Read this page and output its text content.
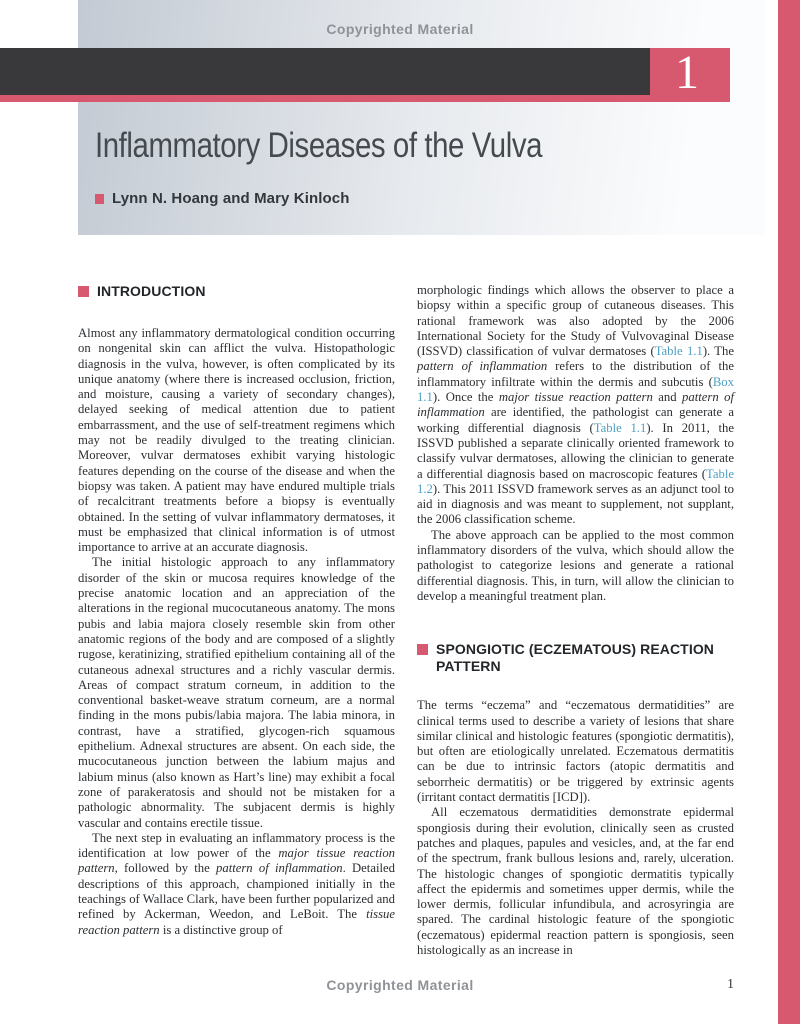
Copyrighted Material
1
Inflammatory Diseases of the Vulva
Lynn N. Hoang and Mary Kinloch
INTRODUCTION

Almost any inflammatory dermatological condition occurring on nongenital skin can afflict the vulva. Histopathologic diagnosis in the vulva, however, is often complicated by its unique anatomy (where there is increased occlusion, friction, and moisture, causing a variety of secondary changes), delayed seeking of medical attention due to patient embarrassment, and the use of self-treatment regimens which may not be readily divulged to the treating clinician. Moreover, vulvar dermatoses exhibit varying histologic features depending on the course of the disease and when the biopsy was taken. A patient may have endured multiple trials of recalcitrant treatments before a biopsy is eventually obtained. In the setting of vulvar inflammatory dermatoses, it must be emphasized that clinical information is of utmost importance to arrive at an accurate diagnosis.

The initial histologic approach to any inflammatory disorder of the skin or mucosa requires knowledge of the precise anatomic location and an appreciation of the alterations in the regional mucocutaneous anatomy. The mons pubis and labia majora closely resemble skin from other anatomic regions of the body and are composed of a slightly rugose, keratinizing, stratified epithelium containing all of the cutaneous adnexal structures and a richly vascular dermis. Areas of compact stratum corneum, in addition to the conventional basket-weave stratum corneum, are a normal finding in the mons pubis/labia majora. The labia minora, in contrast, have a stratified, glycogen-rich squamous epithelium. Adnexal structures are absent. On each side, the mucocutaneous junction between the labium majus and labium minus (also known as Hart’s line) may exhibit a focal zone of parakeratosis and should not be mistaken for a pathologic abnormality. The subjacent dermis is highly vascular and contains erectile tissue.

The next step in evaluating an inflammatory process is the identification at low power of the major tissue reaction pattern, followed by the pattern of inflammation. Detailed descriptions of this approach, championed initially in the teachings of Wallace Clark, have been further popularized and refined by Ackerman, Weedon, and LeBoit. The tissue reaction pattern is a distinctive group of

morphologic findings which allows the observer to place a biopsy within a specific group of cutaneous diseases. This rational framework was also adopted by the 2006 International Society for the Study of Vulvovaginal Disease (ISSVD) classification of vulvar dermatoses (Table 1.1). The pattern of inflammation refers to the distribution of the inflammatory infiltrate within the dermis and subcutis (Box 1.1). Once the major tissue reaction pattern and pattern of inflammation are identified, the pathologist can generate a working differential diagnosis (Table 1.1). In 2011, the ISSVD published a separate clinically oriented framework to classify vulvar dermatoses, allowing the clinician to generate a differential diagnosis based on macroscopic features (Table 1.2). This 2011 ISSVD framework serves as an adjunct tool to aid in diagnosis and was meant to supplement, not supplant, the 2006 classification scheme.

The above approach can be applied to the most common inflammatory disorders of the vulva, which should allow the pathologist to categorize lesions and generate a rational differential diagnosis. This, in turn, will allow the clinician to develop a meaningful treatment plan.

SPONGIOTIC (ECZEMATOUS) REACTION PATTERN

The terms “eczema” and “eczematous dermatidities” are clinical terms used to describe a variety of lesions that share similar clinical and histologic features (spongiotic dermatitis), but often are etiologically unrelated. Eczematous dermatitis can be due to intrinsic factors (atopic dermatitis and seborrheic dermatitis) or be triggered by extrinsic agents (irritant contact dermatitis [ICD]).

All eczematous dermatidities demonstrate epidermal spongiosis during their evolution, clinically seen as crusted patches and plaques, papules and vesicles, and, at the far end of the spectrum, frank bullous lesions and, rarely, ulceration. The histologic changes of spongiotic dermatitis typically affect the epidermis and sometimes upper dermis, while the lower dermis, follicular infundibula, and acrosyringia are spared. The cardinal histologic feature of the spongiotic (eczematous) epidermal reaction pattern is spongiosis, seen histologically as an increase in

Copyrighted Material	1
